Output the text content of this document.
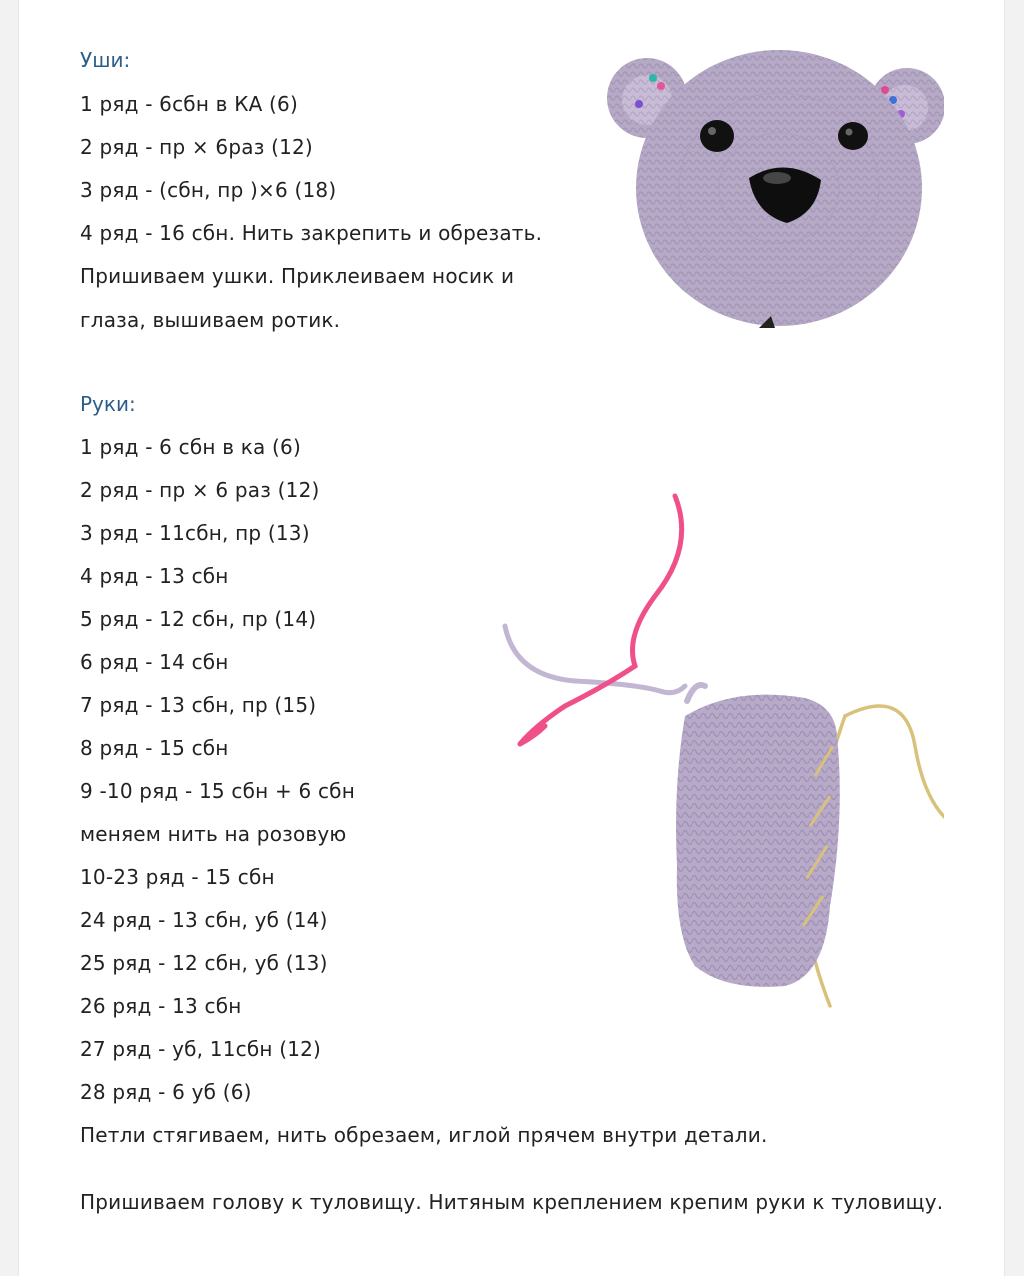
Уши:
1 ряд - 6сбн в КА (6)
2 ряд - пр × 6раз (12)
3 ряд - (сбн, пр )×6 (18)
4 ряд - 16 сбн. Нить закрепить и обрезать.
Пришиваем ушки. Приклеиваем носик и
глаза, вышиваем ротик.
Руки:
1 ряд - 6 сбн в ка (6)
2 ряд - пр × 6 раз (12)
3 ряд - 11сбн, пр (13)
4 ряд - 13 сбн
5 ряд - 12 сбн, пр (14)
6 ряд - 14 сбн
7 ряд - 13 сбн, пр (15)
8 ряд - 15 сбн
9 -10 ряд - 15 сбн + 6 сбн
меняем нить на розовую
10-23 ряд - 15 сбн
24 ряд - 13 сбн, уб (14)
25 ряд - 12 сбн, уб (13)
26 ряд - 13 сбн
27 ряд - уб, 11сбн (12)
28 ряд - 6 уб (6)
Петли стягиваем, нить обрезаем, иглой прячем внутри детали.
Пришиваем голову к туловищу. Нитяным креплением крепим руки к туловищу.
